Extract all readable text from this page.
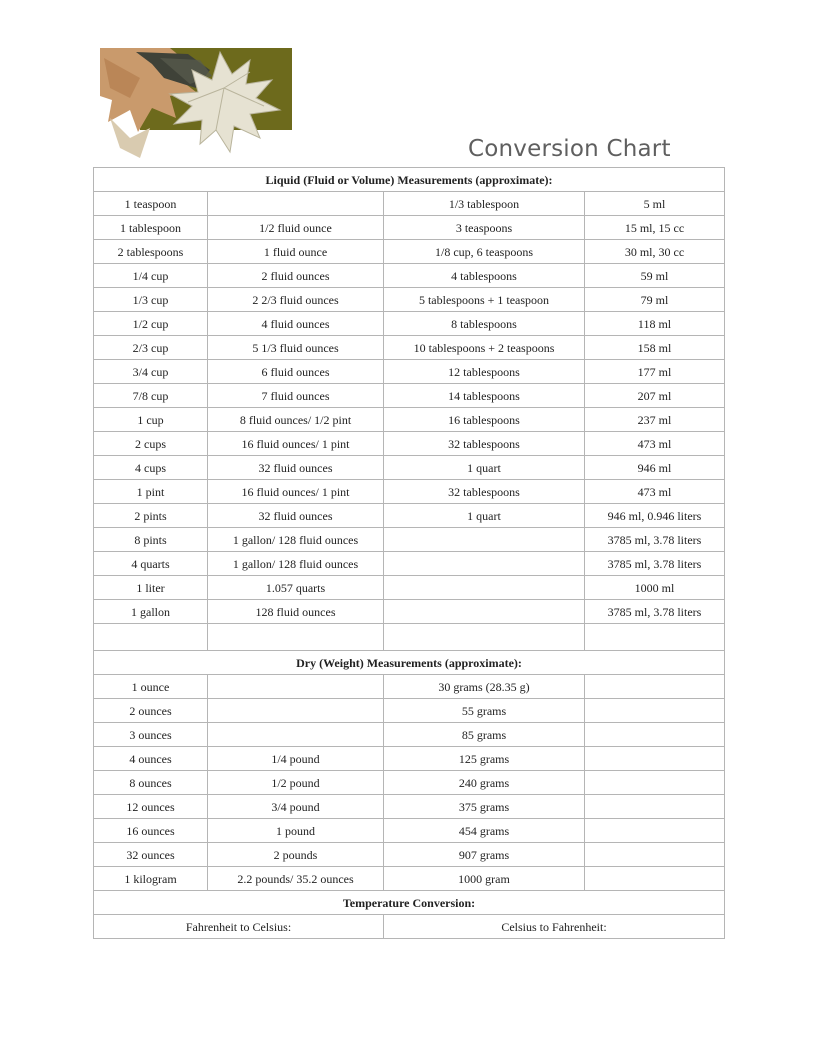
Conversion Chart
Liquid (Fluid or Volume) Measurements (approximate):			
1 teaspoon		1/3 tablespoon	5 ml
1 tablespoon	1/2 fluid ounce	3 teaspoons	15 ml, 15 cc
2 tablespoons	1 fluid ounce	1/8 cup, 6 teaspoons	30 ml, 30 cc
1/4 cup	2 fluid ounces	4 tablespoons	59 ml
1/3 cup	2 2/3 fluid ounces	5 tablespoons + 1 teaspoon	79 ml
1/2 cup	4 fluid ounces	8 tablespoons	118 ml
2/3 cup	5 1/3 fluid ounces	10 tablespoons + 2 teaspoons	158 ml
3/4 cup	6 fluid ounces	12 tablespoons	177 ml
7/8 cup	7 fluid ounces	14 tablespoons	207 ml
1 cup	8 fluid ounces/ 1/2 pint	16 tablespoons	237 ml
2 cups	16 fluid ounces/ 1 pint	32 tablespoons	473 ml
4 cups	32 fluid ounces	1 quart	946 ml
1 pint	16 fluid ounces/ 1 pint	32 tablespoons	473 ml
2 pints	32 fluid ounces	1 quart	946 ml, 0.946 liters
8 pints	1 gallon/ 128 fluid ounces		3785 ml, 3.78 liters
4 quarts	1 gallon/ 128 fluid ounces		3785 ml, 3.78 liters
1 liter	1.057 quarts		1000 ml
1 gallon	128 fluid ounces		3785 ml, 3.78 liters

Dry (Weight) Measurements (approximate):			
1 ounce		30 grams (28.35 g)	
2 ounces		55 grams	
3 ounces		85 grams	
4 ounces	1/4 pound	125 grams	
8 ounces	1/2 pound	240 grams	
12 ounces	3/4 pound	375 grams	
16 ounces	1 pound	454 grams	
32 ounces	2 pounds	907 grams	
1 kilogram	2.2 pounds/ 35.2 ounces	1000 gram	
Temperature Conversion:			
Fahrenheit to Celsius:		Celsius to Fahrenheit:	
